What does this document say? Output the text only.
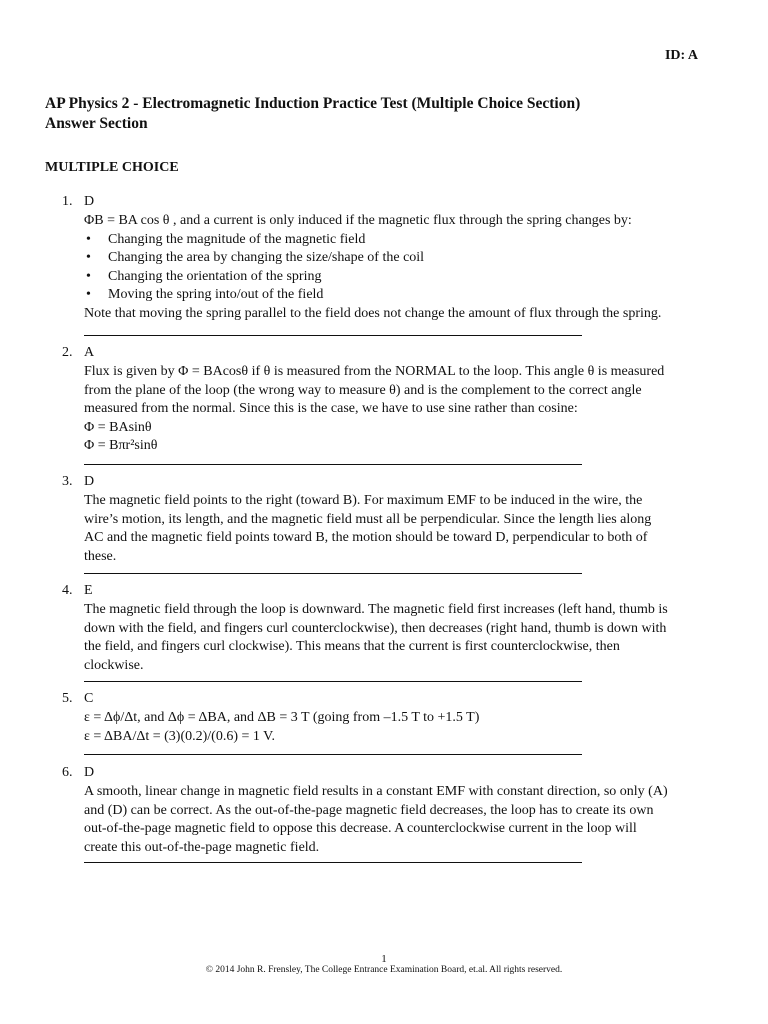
ID: A
AP Physics 2 - Electromagnetic Induction Practice Test (Multiple Choice Section)
Answer Section
MULTIPLE CHOICE
1. D

ΦB = BA cos θ , and a current is only induced if the magnetic flux through the spring changes by:

• Changing the magnitude of the magnetic field
• Changing the area by changing the size/shape of the coil
• Changing the orientation of the spring
• Moving the spring into/out of the field

Note that moving the spring parallel to the field does not change the amount of flux through the spring.

2. A

Flux is given by Φ = BAcosθ if θ is measured from the NORMAL to the loop. This angle θ is measured

from the plane of the loop (the wrong way to measure θ) and is the complement to the correct angle

measured from the normal. Since this is the case, we have to use sine rather than cosine:

Φ = BAsinθ

Φ = Bπr²sinθ

3. D

The magnetic field points to the right (toward B). For maximum EMF to be induced in the wire, the

wire’s motion, its length, and the magnetic field must all be perpendicular. Since the length lies along

AC and the magnetic field points toward B, the motion should be toward D, perpendicular to both of

these.

4. E

The magnetic field through the loop is downward. The magnetic field first increases (left hand, thumb is

down with the field, and fingers curl counterclockwise), then decreases (right hand, thumb is down with

the field, and fingers curl clockwise). This means that the current is first counterclockwise, then

clockwise.

5. C

ε = Δϕ/Δt, and Δϕ = ΔBA, and ΔB = 3 T (going from –1.5 T to +1.5 T)

ε = ΔBA/Δt = (3)(0.2)/(0.6) = 1 V.

6. D

A smooth, linear change in magnetic field results in a constant EMF with constant direction, so only (A)

and (D) can be correct. As the out-of-the-page magnetic field decreases, the loop has to create its own

out-of-the-page magnetic field to oppose this decrease. A counterclockwise current in the loop will

create this out-of-the-page magnetic field.

1
© 2014 John R. Frensley, The College Entrance Examination Board, et.al. All rights reserved.
